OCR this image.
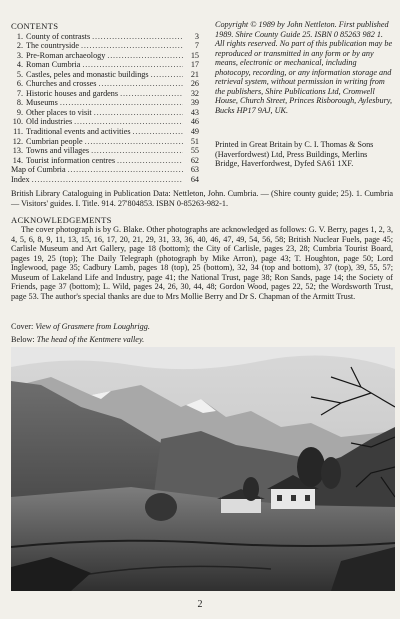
CONTENTS
1. County of contrasts .....	3
2. The countryside .....	7
3. Pre-Roman archaeology .....	15
4. Roman Cumbria .....	17
5. Castles, peles and monastic buildings .....	21
6. Churches and crosses .....	26
7. Historic houses and gardens .....	32
8. Museums .....	39
9. Other places to visit .....	43
10. Old industries .....	46
11. Traditional events and activities .....	49
12. Cumbrian people .....	51
13. Towns and villages .....	55
14. Tourist information centres .....	62
Map of Cumbria .....	63
Index .....	64
Copyright © 1989 by John Nettleton. First published 1989. Shire County Guide 25. ISBN 0 85263 982 1. All rights reserved. No part of this publication may be reproduced or transmitted in any form or by any means, electronic or mechanical, including photocopy, recording, or any information storage and retrieval system, without permission in writing from the publishers, Shire Publications Ltd, Cromwell House, Church Street, Princes Risborough, Aylesbury, Bucks HP17 9AJ, UK.
Printed in Great Britain by C. I. Thomas & Sons (Haverfordwest) Ltd, Press Buildings, Merlins Bridge, Haverfordwest, Dyfed SA61 1XF.
British Library Cataloguing in Publication Data: Nettleton, John. Cumbria. — (Shire county guide; 25). 1. Cumbria — Visitors' guides. I. Title. 914. 27'804853. ISBN 0-85263-982-1.
ACKNOWLEDGEMENTS
The cover photograph is by G. Blake. Other photographs are acknowledged as follows: G. V. Berry, pages 1, 2, 3, 4, 5, 6, 8, 9, 11, 13, 15, 16, 17, 20, 21, 29, 31, 33, 36, 40, 46, 47, 49, 54, 56, 58; British Nuclear Fuels, page 45; Carlisle Museum and Art Gallery, page 18 (bottom); the City of Carlisle, pages 23, 28; Cumbria Tourist Board, pages 19, 25 (top); The Daily Telegraph (photograph by Mike Arron), page 43; T. Houghton, page 50; Lord Inglewood, page 35; Cadbury Lamb, pages 18 (top), 25 (bottom), 32, 34 (top and bottom), 37 (top), 39, 55, 57; Museum of Lakeland Life and Industry, page 41; the National Trust, page 38; Ron Sands, page 14; the Society of Friends, page 37 (bottom); L. Wild, pages 24, 26, 30, 44, 48; Gordon Wood, pages 22, 52; the Wordsworth Trust, page 53. The author's special thanks are due to Mrs Mollie Berry and Dr S. Chapman of the Armitt Trust.
Cover: View of Grasmere from Loughrigg.
Below: The head of the Kentmere valley.
2
